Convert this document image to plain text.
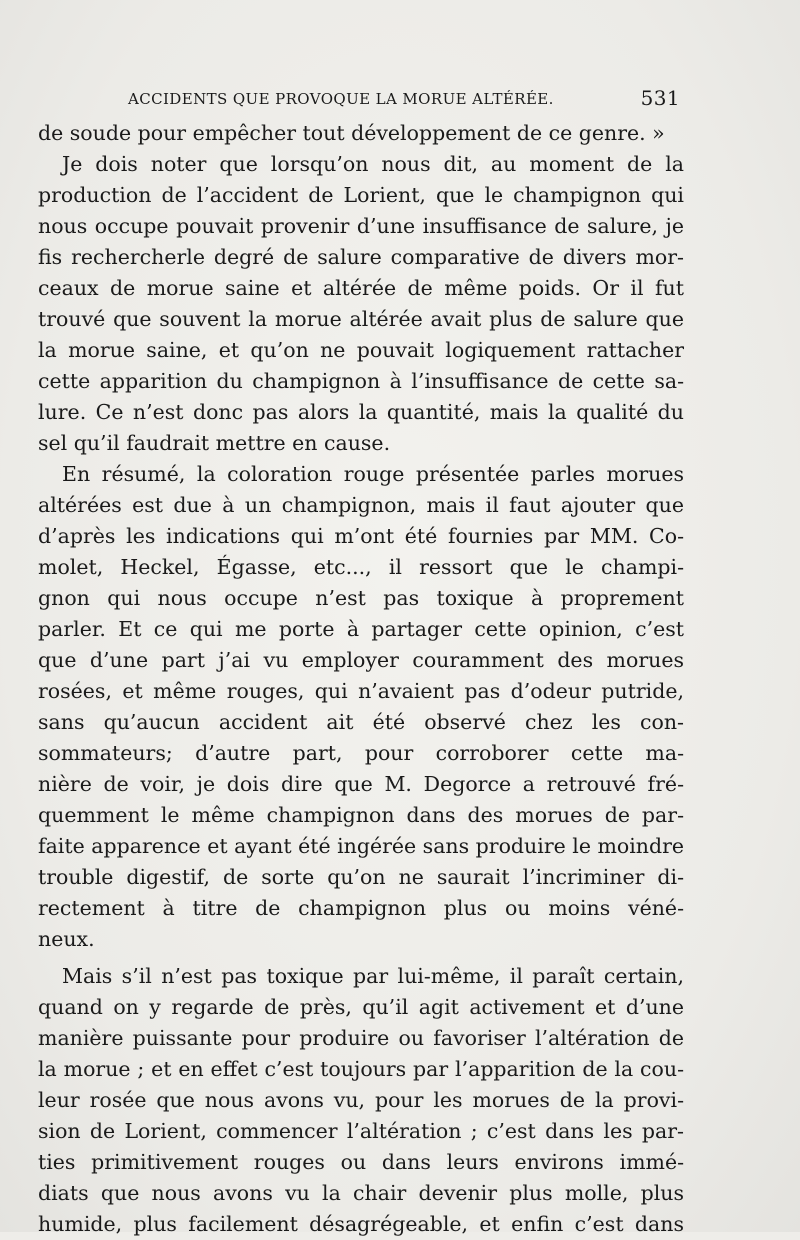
ACCIDENTS QUE PROVOQUE LA MORUE ALTÉRÉE.	531
de soude pour empêcher tout développement de ce genre. »
Je dois noter que lorsqu’on nous dit, au moment de la
production de l’accident de Lorient, que le champignon qui
nous occupe pouvait provenir d’une insuffisance de salure, je
fis rechercherle degré de salure comparative de divers mor-
ceaux de morue saine et altérée de même poids. Or il fut
trouvé que souvent la morue altérée avait plus de salure que
la morue saine, et qu’on ne pouvait logiquement rattacher
cette apparition du champignon à l’insuffisance de cette sa-
lure. Ce n’est donc pas alors la quantité, mais la qualité du
sel qu’il faudrait mettre en cause.
En résumé, la coloration rouge présentée parles morues
altérées est due à un champignon, mais il faut ajouter que
d’après les indications qui m’ont été fournies par MM. Co-
molet, Heckel, Égasse, etc..., il ressort que le champi-
gnon qui nous occupe n’est pas toxique à proprement
parler. Et ce qui me porte à partager cette opinion, c’est
que d’une part j’ai vu employer couramment des morues
rosées, et même rouges, qui n’avaient pas d’odeur putride,
sans qu’aucun accident ait été observé chez les con-
sommateurs; d’autre part, pour corroborer cette ma-
nière de voir, je dois dire que M. Degorce a retrouvé fré-
quemment le même champignon dans des morues de par-
faite apparence et ayant été ingérée sans produire le moindre
trouble digestif, de sorte qu’on ne saurait l’incriminer di-
rectement à titre de champignon plus ou moins véné-
neux.
Mais s’il n’est pas toxique par lui-même, il paraît certain,
quand on y regarde de près, qu’il agit activement et d’une
manière puissante pour produire ou favoriser l’altération de
la morue ; et en effet c’est toujours par l’apparition de la cou-
leur rosée que nous avons vu, pour les morues de la provi-
sion de Lorient, commencer l’altération ; c’est dans les par-
ties primitivement rouges ou dans leurs environs immé-
diats que nous avons vu la chair devenir plus molle, plus
humide, plus facilement désagrégeable, et enfin c’est dans
